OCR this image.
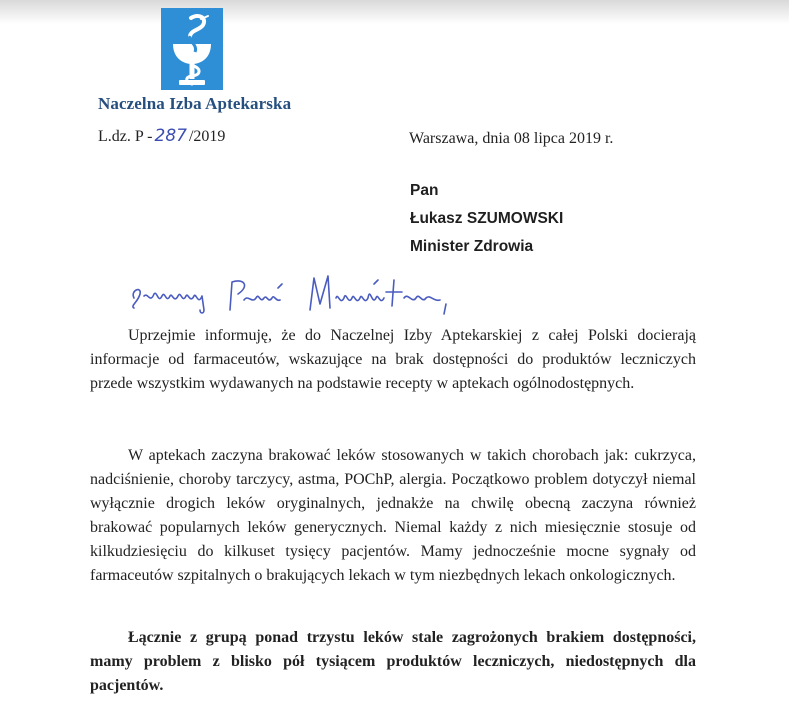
Naczelna Izba Aptekarska
L.dz. P - 287 /2019	Warszawa, dnia 08 lipca 2019 r.
Pan
Łukasz SZUMOWSKI
Minister Zdrowia

Uprzejmie informuję, że do Naczelnej Izby Aptekarskiej z całej Polski docierają informacje od farmaceutów, wskazujące na brak dostępności do produktów leczniczych przede wszystkim wydawanych na podstawie recepty w aptekach ogólnodostępnych.

W aptekach zaczyna brakować leków stosowanych w takich chorobach jak: cukrzyca, nadciśnienie, choroby tarczycy, astma, POChP, alergia. Początkowo problem dotyczył niemal wyłącznie drogich leków oryginalnych, jednakże na chwilę obecną zaczyna również brakować popularnych leków generycznych. Niemal każdy z nich miesięcznie stosuje od kilkudziesięciu do kilkuset tysięcy pacjentów. Mamy jednocześnie mocne sygnały od farmaceutów szpitalnych o brakujących lekach w tym niezbędnych lekach onkologicznych.

Łącznie z grupą ponad trzystu leków stale zagrożonych brakiem dostępności, mamy problem z blisko pół tysiącem produktów leczniczych, niedostępnych dla pacjentów.
